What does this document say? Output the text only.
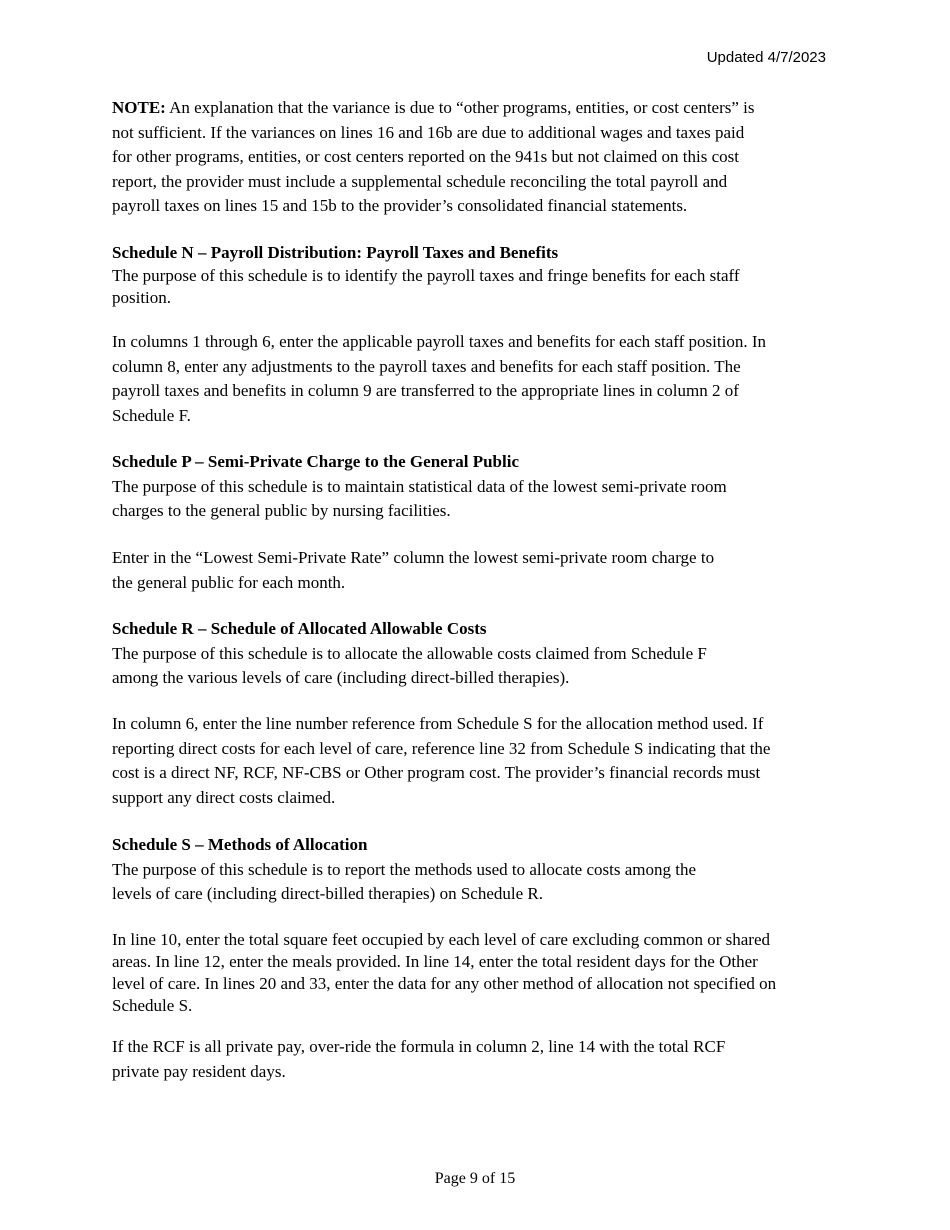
Updated 4/7/2023
NOTE: An explanation that the variance is due to “other programs, entities, or cost centers” is
not sufficient. If the variances on lines 16 and 16b are due to additional wages and taxes paid
for other programs, entities, or cost centers reported on the 941s but not claimed on this cost
report, the provider must include a supplemental schedule reconciling the total payroll and
payroll taxes on lines 15 and 15b to the provider’s consolidated financial statements.
Schedule N – Payroll Distribution: Payroll Taxes and Benefits
The purpose of this schedule is to identify the payroll taxes and fringe benefits for each staff
position.
In columns 1 through 6, enter the applicable payroll taxes and benefits for each staff position. In
column 8, enter any adjustments to the payroll taxes and benefits for each staff position. The
payroll taxes and benefits in column 9 are transferred to the appropriate lines in column 2 of
Schedule F.
Schedule P – Semi-Private Charge to the General Public
The purpose of this schedule is to maintain statistical data of the lowest semi-private room
charges to the general public by nursing facilities.
Enter in the “Lowest Semi-Private Rate” column the lowest semi-private room charge to
the general public for each month.
Schedule R – Schedule of Allocated Allowable Costs
The purpose of this schedule is to allocate the allowable costs claimed from Schedule F
among the various levels of care (including direct-billed therapies).
In column 6, enter the line number reference from Schedule S for the allocation method used. If
reporting direct costs for each level of care, reference line 32 from Schedule S indicating that the
cost is a direct NF, RCF, NF-CBS or Other program cost. The provider’s financial records must
support any direct costs claimed.
Schedule S – Methods of Allocation
The purpose of this schedule is to report the methods used to allocate costs among the
levels of care (including direct-billed therapies) on Schedule R.
In line 10, enter the total square feet occupied by each level of care excluding common or shared
areas. In line 12, enter the meals provided. In line 14, enter the total resident days for the Other
level of care. In lines 20 and 33, enter the data for any other method of allocation not specified on
Schedule S.
If the RCF is all private pay, over-ride the formula in column 2, line 14 with the total RCF
private pay resident days.
Page 9 of 15
